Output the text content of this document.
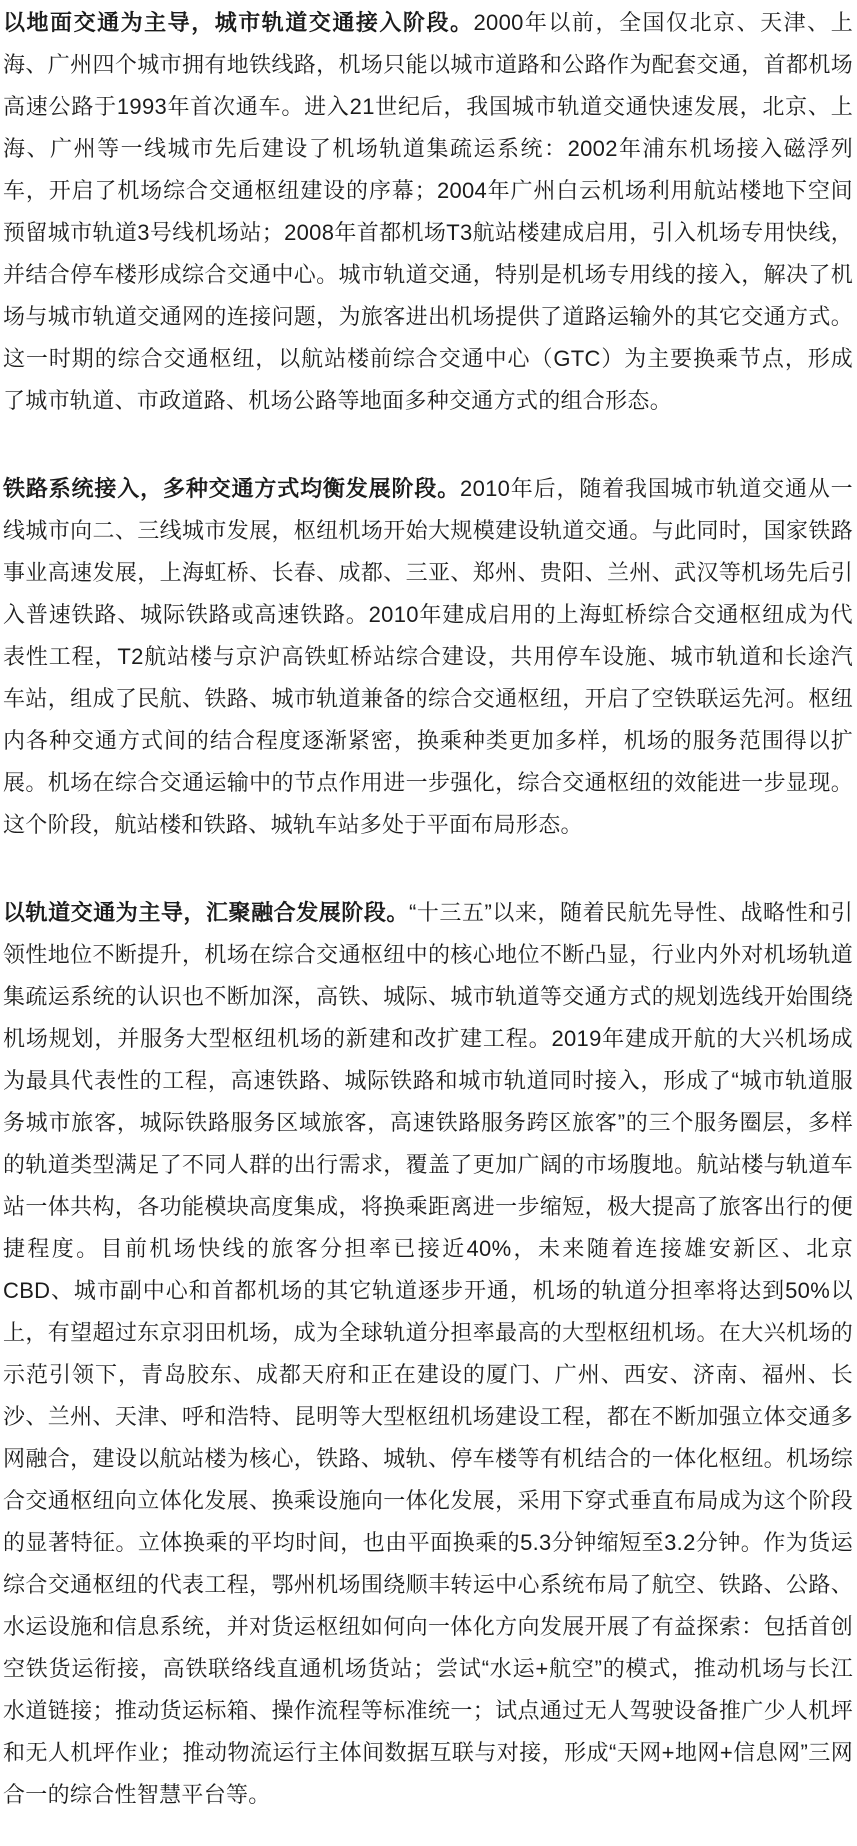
以地面交通为主导，城市轨道交通接入阶段。2000年以前，全国仅北京、天津、上海、广州四个城市拥有地铁线路，机场只能以城市道路和公路作为配套交通，首都机场高速公路于1993年首次通车。进入21世纪后，我国城市轨道交通快速发展，北京、上海、广州等一线城市先后建设了机场轨道集疏运系统：2002年浦东机场接入磁浮列车，开启了机场综合交通枢纽建设的序幕；2004年广州白云机场利用航站楼地下空间预留城市轨道3号线机场站；2008年首都机场T3航站楼建成启用，引入机场专用快线，并结合停车楼形成综合交通中心。城市轨道交通，特别是机场专用线的接入，解决了机场与城市轨道交通网的连接问题，为旅客进出机场提供了道路运输外的其它交通方式。这一时期的综合交通枢纽，以航站楼前综合交通中心（GTC）为主要换乘节点，形成了城市轨道、市政道路、机场公路等地面多种交通方式的组合形态。

铁路系统接入，多种交通方式均衡发展阶段。2010年后，随着我国城市轨道交通从一线城市向二、三线城市发展，枢纽机场开始大规模建设轨道交通。与此同时，国家铁路事业高速发展，上海虹桥、长春、成都、三亚、郑州、贵阳、兰州、武汉等机场先后引入普速铁路、城际铁路或高速铁路。2010年建成启用的上海虹桥综合交通枢纽成为代表性工程，T2航站楼与京沪高铁虹桥站综合建设，共用停车设施、城市轨道和长途汽车站，组成了民航、铁路、城市轨道兼备的综合交通枢纽，开启了空铁联运先河。枢纽内各种交通方式间的结合程度逐渐紧密，换乘种类更加多样，机场的服务范围得以扩展。机场在综合交通运输中的节点作用进一步强化，综合交通枢纽的效能进一步显现。这个阶段，航站楼和铁路、城轨车站多处于平面布局形态。

以轨道交通为主导，汇聚融合发展阶段。“十三五”以来，随着民航先导性、战略性和引领性地位不断提升，机场在综合交通枢纽中的核心地位不断凸显，行业内外对机场轨道集疏运系统的认识也不断加深，高铁、城际、城市轨道等交通方式的规划选线开始围绕机场规划，并服务大型枢纽机场的新建和改扩建工程。2019年建成开航的大兴机场成为最具代表性的工程，高速铁路、城际铁路和城市轨道同时接入，形成了“城市轨道服务城市旅客，城际铁路服务区域旅客，高速铁路服务跨区旅客”的三个服务圈层，多样的轨道类型满足了不同人群的出行需求，覆盖了更加广阔的市场腹地。航站楼与轨道车站一体共构，各功能模块高度集成，将换乘距离进一步缩短，极大提高了旅客出行的便捷程度。目前机场快线的旅客分担率已接近40%，未来随着连接雄安新区、北京CBD、城市副中心和首都机场的其它轨道逐步开通，机场的轨道分担率将达到50%以上，有望超过东京羽田机场，成为全球轨道分担率最高的大型枢纽机场。在大兴机场的示范引领下，青岛胶东、成都天府和正在建设的厦门、广州、西安、济南、福州、长沙、兰州、天津、呼和浩特、昆明等大型枢纽机场建设工程，都在不断加强立体交通多网融合，建设以航站楼为核心，铁路、城轨、停车楼等有机结合的一体化枢纽。机场综合交通枢纽向立体化发展、换乘设施向一体化发展，采用下穿式垂直布局成为这个阶段的显著特征。立体换乘的平均时间，也由平面换乘的5.3分钟缩短至3.2分钟。作为货运综合交通枢纽的代表工程，鄂州机场围绕顺丰转运中心系统布局了航空、铁路、公路、水运设施和信息系统，并对货运枢纽如何向一体化方向发展开展了有益探索：包括首创空铁货运衔接，高铁联络线直通机场货站；尝试“水运+航空”的模式，推动机场与长江水道链接；推动货运标箱、操作流程等标准统一；试点通过无人驾驶设备推广少人机坪和无人机坪作业；推动物流运行主体间数据互联与对接，形成“天网+地网+信息网”三网合一的综合性智慧平台等。
